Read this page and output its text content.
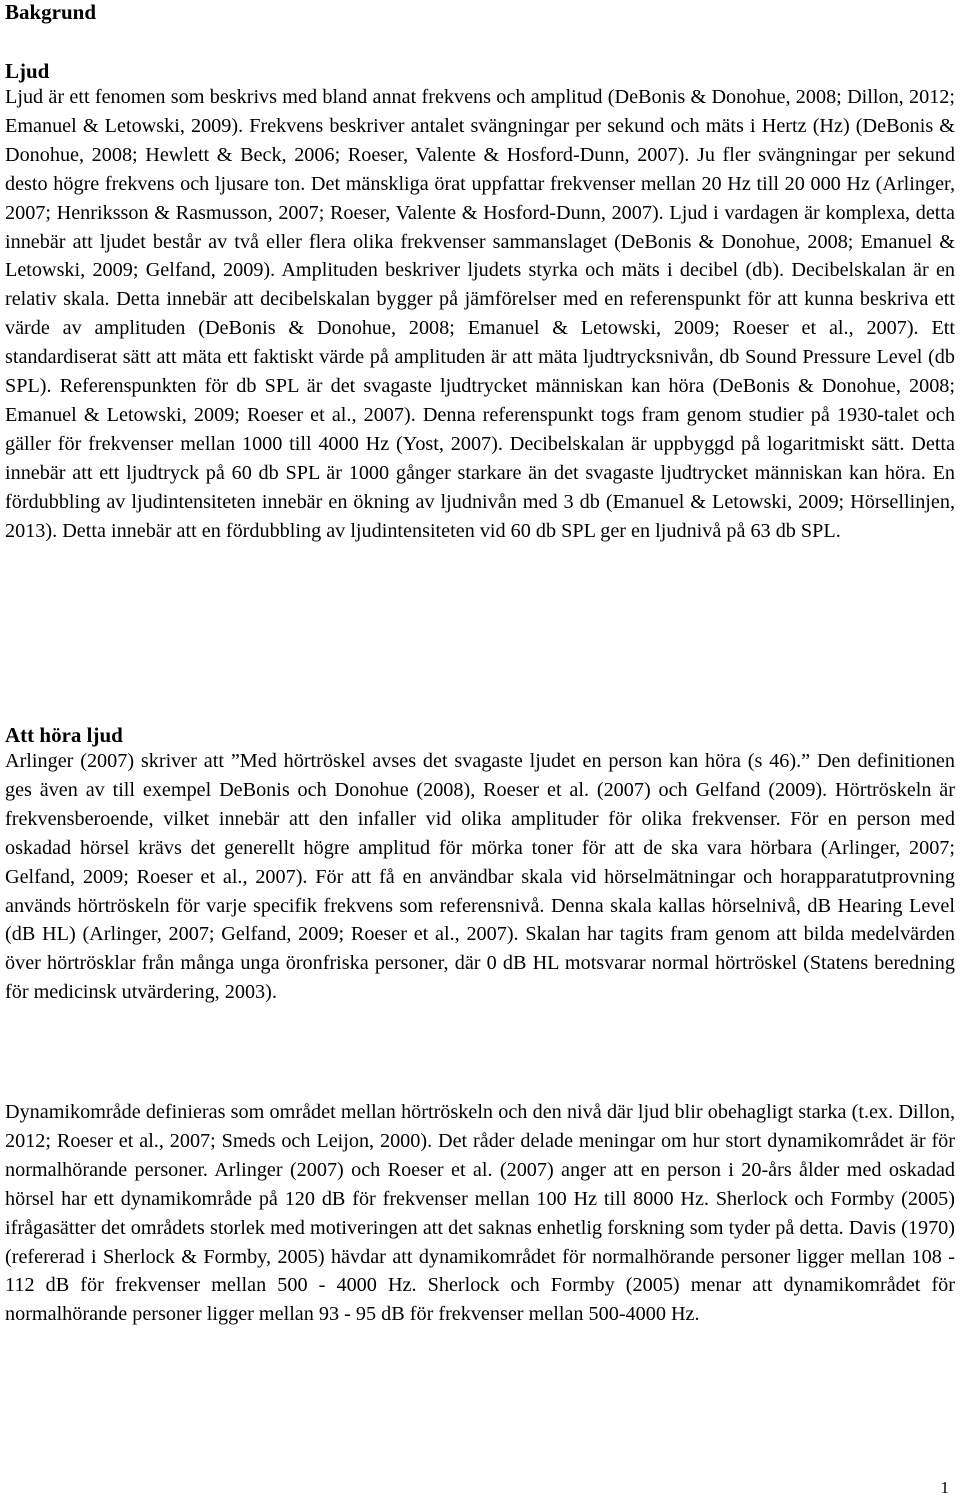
Bakgrund
Ljud

Ljud är ett fenomen som beskrivs med bland annat frekvens och amplitud (DeBonis & Donohue, 2008; Dillon, 2012; Emanuel & Letowski, 2009). Frekvens beskriver antalet svängningar per sekund och mäts i Hertz (Hz) (DeBonis & Donohue, 2008; Hewlett & Beck, 2006; Roeser, Valente & Hosford-Dunn, 2007). Ju fler svängningar per sekund desto högre frekvens och ljusare ton. Det mänskliga örat uppfattar frekvenser mellan 20 Hz till 20 000 Hz (Arlinger, 2007; Henriksson & Rasmusson, 2007; Roeser, Valente & Hosford-Dunn, 2007). Ljud i vardagen är komplexa, detta innebär att ljudet består av två eller flera olika frekvenser sammanslaget (DeBonis & Donohue, 2008; Emanuel & Letowski, 2009; Gelfand, 2009). Amplituden beskriver ljudets styrka och mäts i decibel (db). Decibelskalan är en relativ skala. Detta innebär att decibelskalan bygger på jämförelser med en referenspunkt för att kunna beskriva ett värde av amplituden (DeBonis & Donohue, 2008; Emanuel & Letowski, 2009; Roeser et al., 2007). Ett standardiserat sätt att mäta ett faktiskt värde på amplituden är att mäta ljudtrycksnivån, db Sound Pressure Level (db SPL). Referenspunkten för db SPL är det svagaste ljudtrycket människan kan höra (DeBonis & Donohue, 2008; Emanuel & Letowski, 2009; Roeser et al., 2007). Denna referenspunkt togs fram genom studier på 1930-talet och gäller för frekvenser mellan 1000 till 4000 Hz (Yost, 2007). Decibelskalan är uppbyggd på logaritmiskt sätt. Detta innebär att ett ljudtryck på 60 db SPL är 1000 gånger starkare än det svagaste ljudtrycket människan kan höra. En fördubbling av ljudintensiteten innebär en ökning av ljudnivån med 3 db (Emanuel & Letowski, 2009; Hörsellinjen, 2013). Detta innebär att en fördubbling av ljudintensiteten vid 60 db SPL ger en ljudnivå på 63 db SPL.

Att höra ljud

Arlinger (2007) skriver att ”Med hörtröskel avses det svagaste ljudet en person kan höra (s 46).” Den definitionen ges även av till exempel DeBonis och Donohue (2008), Roeser et al. (2007) och Gelfand (2009). Hörtröskeln är frekvensberoende, vilket innebär att den infaller vid olika amplituder för olika frekvenser. För en person med oskadad hörsel krävs det generellt högre amplitud för mörka toner för att de ska vara hörbara (Arlinger, 2007; Gelfand, 2009; Roeser et al., 2007). För att få en användbar skala vid hörselmätningar och horapparatutprovning används hörtröskeln för varje specifik frekvens som referensnivå. Denna skala kallas hörselnivå, dB Hearing Level (dB HL) (Arlinger, 2007; Gelfand, 2009; Roeser et al., 2007). Skalan har tagits fram genom att bilda medelvärden över hörtrösklar från många unga öronfriska personer, där 0 dB HL motsvarar normal hörtröskel (Statens beredning för medicinsk utvärdering, 2003).

Dynamikområde definieras som området mellan hörtröskeln och den nivå där ljud blir obehagligt starka (t.ex. Dillon, 2012; Roeser et al., 2007; Smeds och Leijon, 2000). Det råder delade meningar om hur stort dynamikområdet är för normalhörande personer. Arlinger (2007) och Roeser et al. (2007) anger att en person i 20-års ålder med oskadad hörsel har ett dynamikområde på 120 dB för frekvenser mellan 100 Hz till 8000 Hz. Sherlock och Formby (2005) ifrågasätter det områdets storlek med motiveringen att det saknas enhetlig forskning som tyder på detta. Davis (1970) (refererad i Sherlock & Formby, 2005) hävdar att dynamikområdet för normalhörande personer ligger mellan 108 - 112 dB för frekvenser mellan 500 - 4000 Hz. Sherlock och Formby (2005) menar att dynamikområdet för normalhörande personer ligger mellan 93 - 95 dB för frekvenser mellan 500-4000 Hz.

1
